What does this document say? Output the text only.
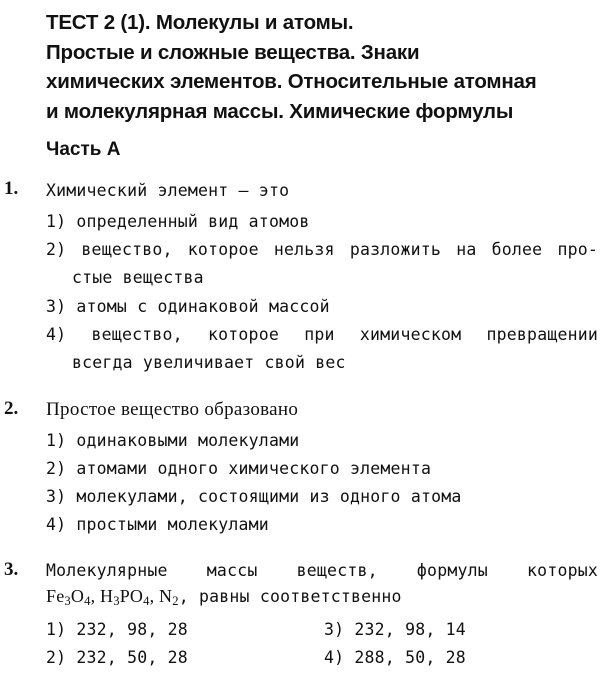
ТЕСТ 2 (1). Молекулы и атомы.
Простые и сложные вещества. Знаки
химических элементов. Относительные атомная
и молекулярная массы. Химические формулы
Часть А
1. Химический элемент — это
1) определенный вид атомов
2) вещество, которое нельзя разложить на более про-
стые вещества
3) атомы с одинаковой массой
4) вещество, которое при химическом превращении
всегда увеличивает свой вес
2. Простое вещество образовано
1) одинаковыми молекулами
2) атомами одного химического элемента
3) молекулами, состоящими из одного атома
4) простыми молекулами
3. Молекулярные массы веществ, формулы которых
$Fe_3O_4$, $H_3PO_4$, $N_2$, равны соответственно
1) 232, 98, 28	3) 232, 98, 14
2) 232, 50, 28	4) 288, 50, 28
